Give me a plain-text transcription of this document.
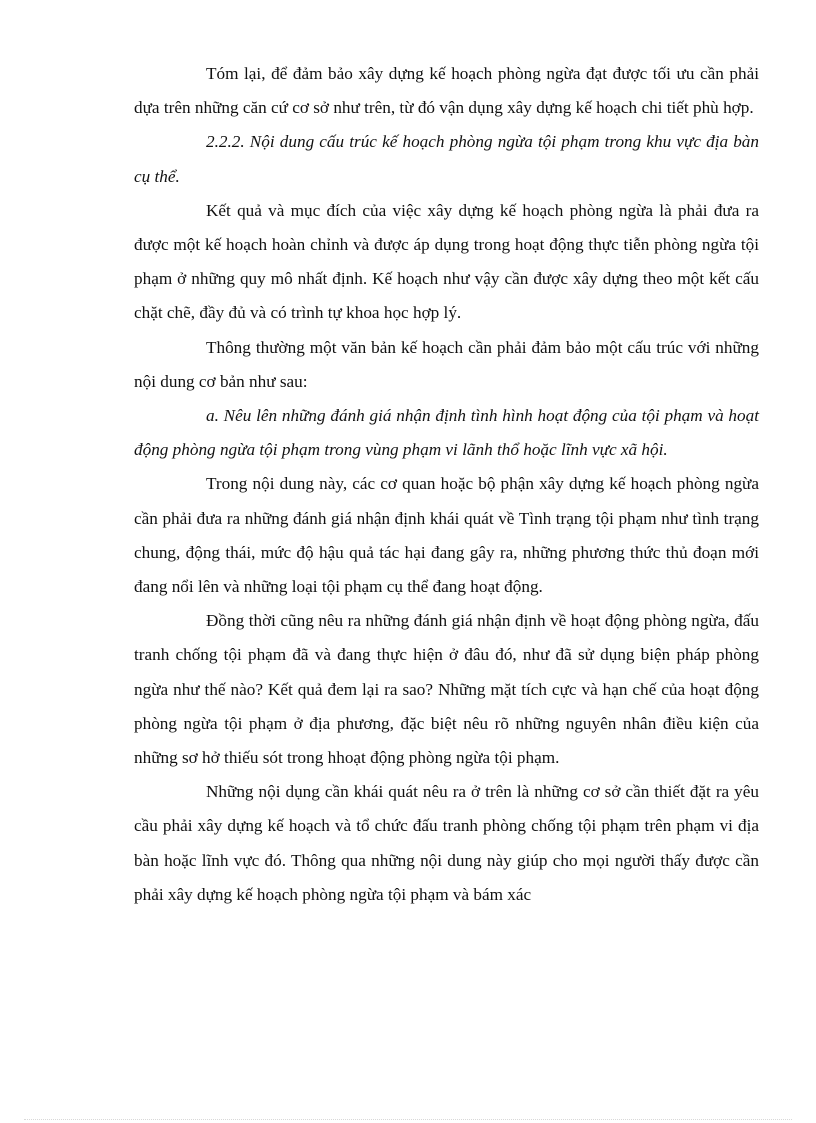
Tóm lại, để đảm bảo xây dựng kế hoạch phòng ngừa đạt được tối ưu cần phải dựa trên những căn cứ cơ sở như trên, từ đó vận dụng xây dựng kế hoạch chi tiết phù hợp.

2.2.2. Nội dung cấu trúc kế hoạch phòng ngừa tội phạm trong khu vực địa bàn cụ thể.

Kết quả và mục đích của việc xây dựng kế hoạch phòng ngừa là phải đưa ra được một kế hoạch hoàn chỉnh và được áp dụng trong hoạt động thực tiễn phòng ngừa tội phạm ở những quy mô nhất định. Kế hoạch như vậy cần được xây dựng theo một kết cấu chặt chẽ, đầy đủ và có trình tự khoa học hợp lý.

Thông thường một văn bản kế hoạch cần phải đảm bảo một cấu trúc với những nội dung cơ bản như sau:

a. Nêu lên những đánh giá nhận định tình hình hoạt động của tội phạm và hoạt động phòng ngừa tội phạm trong vùng phạm vi lãnh thổ hoặc lĩnh vực xã hội.

Trong nội dung này, các cơ quan hoặc bộ phận xây dựng kế hoạch phòng ngừa cần phải đưa ra những đánh giá nhận định khái quát về Tình trạng tội phạm như tình trạng chung, động thái, mức độ hậu quả tác hại đang gây ra, những phương thức thủ đoạn mới đang nổi lên và những loại tội phạm cụ thể đang hoạt động.

Đồng thời cũng nêu ra những đánh giá nhận định về hoạt động phòng ngừa, đấu tranh chống tội phạm đã và đang thực hiện ở đâu đó, như đã sử dụng biện pháp phòng ngừa như thế nào? Kết quả đem lại ra sao? Những mặt tích cực và hạn chế của hoạt động phòng ngừa tội phạm ở địa phương, đặc biệt nêu rõ những nguyên nhân điều kiện của những sơ hở thiếu sót trong hhoạt động phòng ngừa tội phạm.

Những nội dụng cần khái quát nêu ra ở trên là những cơ sở cần thiết đặt ra yêu cầu phải xây dựng kế hoạch và tổ chức đấu tranh phòng chống tội phạm trên phạm vi địa bàn hoặc lĩnh vực đó. Thông qua những nội dung này giúp cho mọi người thấy được cần phải xây dựng kế hoạch phòng ngừa tội phạm và bám xác
